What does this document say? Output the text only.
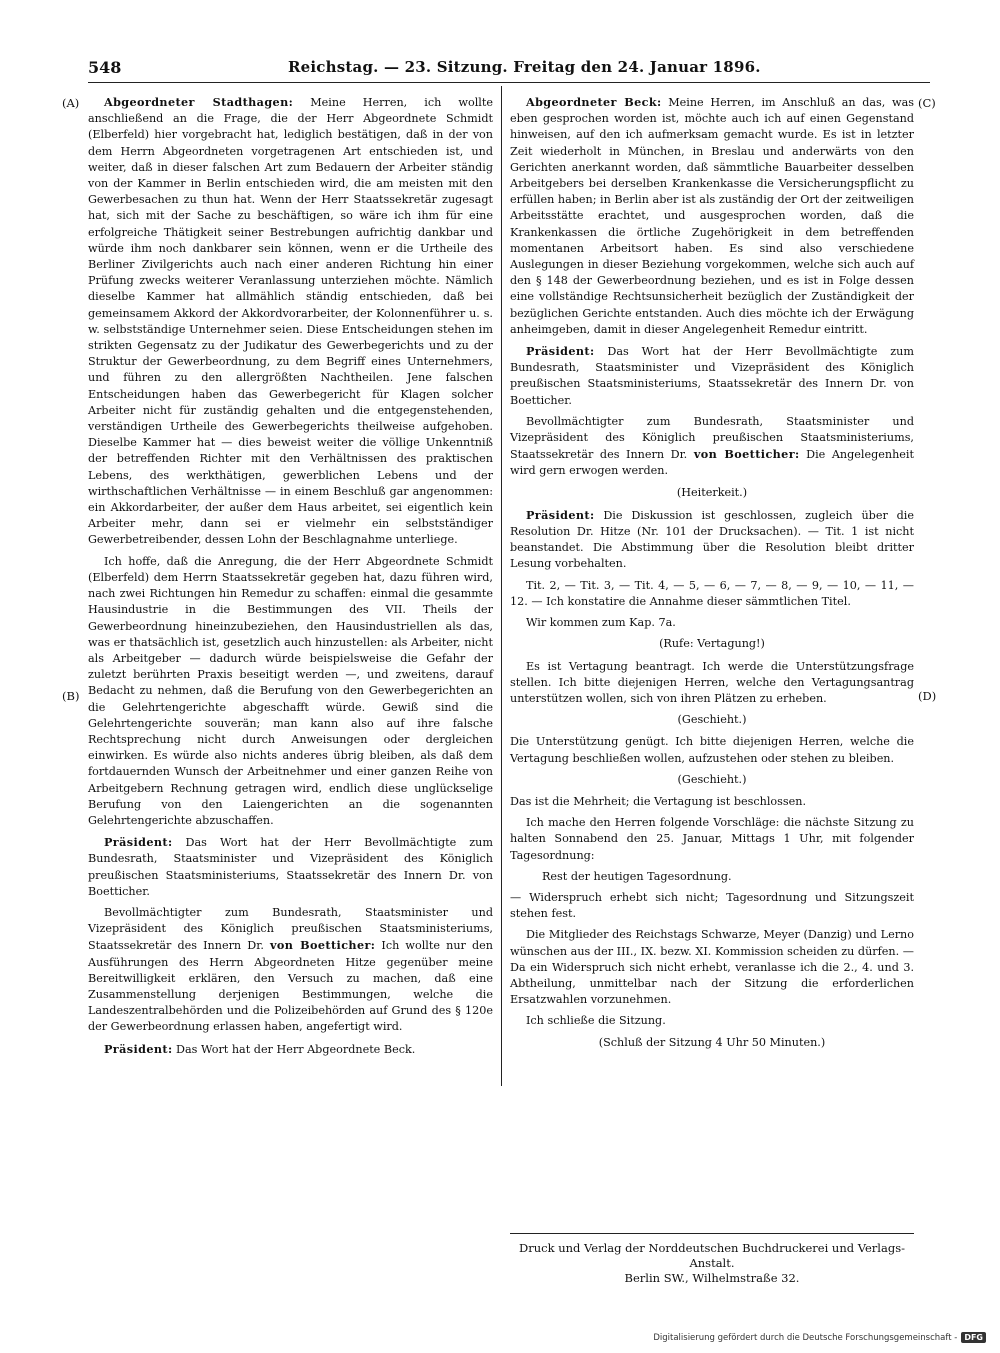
548	Reichstag. — 23. Sitzung. Freitag den 24. Januar 1896.
(A)
(B)
(C)
(D)

Abgeordneter Stadthagen: Meine Herren, ich wollte anschließend an die Frage, die der Herr Abgeordnete Schmidt (Elberfeld) hier vorgebracht hat, lediglich bestätigen, daß in der von dem Herrn Abgeordneten vorgetragenen Art entschieden ist, und weiter, daß in dieser falschen Art zum Bedauern der Arbeiter ständig von der Kammer in Berlin entschieden wird, die am meisten mit den Gewerbesachen zu thun hat. Wenn der Herr Staatssekretär zugesagt hat, sich mit der Sache zu beschäftigen, so wäre ich ihm für eine erfolgreiche Thätigkeit seiner Bestrebungen aufrichtig dankbar und würde ihm noch dankbarer sein können, wenn er die Urtheile des Berliner Zivilgerichts auch nach einer anderen Richtung hin einer Prüfung zwecks weiterer Veranlassung unterziehen möchte. Nämlich dieselbe Kammer hat allmählich ständig entschieden, daß bei gemeinsamem Akkord der Akkordvorarbeiter, der Kolonnenführer u. s. w. selbstständige Unternehmer seien. Diese Entscheidungen stehen im strikten Gegensatz zu der Judikatur des Gewerbegerichts und zu der Struktur der Gewerbeordnung, zu dem Begriff eines Unternehmers, und führen zu den allergrößten Nachtheilen. Jene falschen Entscheidungen haben das Gewerbegericht für Klagen solcher Arbeiter nicht für zuständig gehalten und die entgegenstehenden, verständigen Urtheile des Gewerbegerichts theilweise aufgehoben. Dieselbe Kammer hat — dies beweist weiter die völlige Unkenntniß der betreffenden Richter mit den Verhältnissen des praktischen Lebens, des werkthätigen, gewerblichen Lebens und der wirthschaftlichen Verhältnisse — in einem Beschluß gar angenommen: ein Akkordarbeiter, der außer dem Haus arbeitet, sei eigentlich kein Arbeiter mehr, dann sei er vielmehr ein selbstständiger Gewerbetreibender, dessen Lohn der Beschlagnahme unterliege.

Ich hoffe, daß die Anregung, die der Herr Abgeordnete Schmidt (Elberfeld) dem Herrn Staatssekretär gegeben hat, dazu führen wird, nach zwei Richtungen hin Remedur zu schaffen: einmal die gesammte Hausindustrie in die Bestimmungen des VII. Theils der Gewerbeordnung hineinzubeziehen, den Hausindustriellen als das, was er thatsächlich ist, gesetzlich auch hinzustellen: als Arbeiter, nicht als Arbeitgeber — dadurch würde beispielsweise die Gefahr der zuletzt berührten Praxis beseitigt werden —, und zweitens, darauf Bedacht zu nehmen, daß die Berufung von den Gewerbegerichten an die Gelehrtengerichte abgeschafft würde. Gewiß sind die Gelehrtengerichte souverän; man kann also auf ihre falsche Rechtsprechung nicht durch Anweisungen oder dergleichen einwirken. Es würde also nichts anderes übrig bleiben, als daß dem fortdauernden Wunsch der Arbeitnehmer und einer ganzen Reihe von Arbeitgebern Rechnung getragen wird, endlich diese unglückselige Berufung von den Laiengerichten an die sogenannten Gelehrtengerichte abzuschaffen.

Präsident: Das Wort hat der Herr Bevollmächtigte zum Bundesrath, Staatsminister und Vizepräsident des Königlich preußischen Staatsministeriums, Staatssekretär des Innern Dr. von Boetticher.

Bevollmächtigter zum Bundesrath, Staatsminister und Vizepräsident des Königlich preußischen Staatsministeriums, Staatssekretär des Innern Dr. von Boetticher: Ich wollte nur den Ausführungen des Herrn Abgeordneten Hitze gegenüber meine Bereitwilligkeit erklären, den Versuch zu machen, daß eine Zusammenstellung derjenigen Bestimmungen, welche die Landeszentralbehörden und die Polizeibehörden auf Grund des § 120e der Gewerbeordnung erlassen haben, angefertigt wird.

Präsident: Das Wort hat der Herr Abgeordnete Beck.

Abgeordneter Beck: Meine Herren, im Anschluß an das, was eben gesprochen worden ist, möchte auch ich auf einen Gegenstand hinweisen, auf den ich aufmerksam gemacht wurde. Es ist in letzter Zeit wiederholt in München, in Breslau und anderwärts von den Gerichten anerkannt worden, daß sämmtliche Bauarbeiter desselben Arbeitgebers bei derselben Krankenkasse die Versicherungspflicht zu erfüllen haben; in Berlin aber ist als zuständig der Ort der zeitweiligen Arbeitsstätte erachtet, und ausgesprochen worden, daß die Krankenkassen die örtliche Zugehörigkeit in dem betreffenden momentanen Arbeitsort haben. Es sind also verschiedene Auslegungen in dieser Beziehung vorgekommen, welche sich auch auf den § 148 der Gewerbeordnung beziehen, und es ist in Folge dessen eine vollständige Rechtsunsicherheit bezüglich der Zuständigkeit der bezüglichen Gerichte entstanden. Auch dies möchte ich der Erwägung anheimgeben, damit in dieser Angelegenheit Remedur eintritt.

Präsident: Das Wort hat der Herr Bevollmächtigte zum Bundesrath, Staatsminister und Vizepräsident des Königlich preußischen Staatsministeriums, Staatssekretär des Innern Dr. von Boetticher.

Bevollmächtigter zum Bundesrath, Staatsminister und Vizepräsident des Königlich preußischen Staatsministeriums, Staatssekretär des Innern Dr. von Boetticher: Die Angelegenheit wird gern erwogen werden.

(Heiterkeit.)

Präsident: Die Diskussion ist geschlossen, zugleich über die Resolution Dr. Hitze (Nr. 101 der Drucksachen). — Tit. 1 ist nicht beanstandet. Die Abstimmung über die Resolution bleibt dritter Lesung vorbehalten.

Tit. 2, — Tit. 3, — Tit. 4, — 5, — 6, — 7, — 8, — 9, — 10, — 11, — 12. — Ich konstatire die Annahme dieser sämmtlichen Titel.

Wir kommen zum Kap. 7a.

(Rufe: Vertagung!)

Es ist Vertagung beantragt. Ich werde die Unterstützungsfrage stellen. Ich bitte diejenigen Herren, welche den Vertagungsantrag unterstützen wollen, sich von ihren Plätzen zu erheben.

(Geschieht.)

Die Unterstützung genügt. Ich bitte diejenigen Herren, welche die Vertagung beschließen wollen, aufzustehen oder stehen zu bleiben.

(Geschieht.)

Das ist die Mehrheit; die Vertagung ist beschlossen.

Ich mache den Herren folgende Vorschläge: die nächste Sitzung zu halten Sonnabend den 25. Januar, Mittags 1 Uhr, mit folgender Tagesordnung:

Rest der heutigen Tagesordnung.

— Widerspruch erhebt sich nicht; Tagesordnung und Sitzungszeit stehen fest.

Die Mitglieder des Reichstags Schwarze, Meyer (Danzig) und Lerno wünschen aus der III., IX. bezw. XI. Kommission scheiden zu dürfen. — Da ein Widerspruch sich nicht erhebt, veranlasse ich die 2., 4. und 3. Abtheilung, unmittelbar nach der Sitzung die erforderlichen Ersatzwahlen vorzunehmen.

Ich schließe die Sitzung.

(Schluß der Sitzung 4 Uhr 50 Minuten.)

Druck und Verlag der Norddeutschen Buchdruckerei und Verlags-Anstalt.
Berlin SW., Wilhelmstraße 32.
Digitalisierung gefördert durch die Deutsche Forschungsgemeinschaft - DFG
